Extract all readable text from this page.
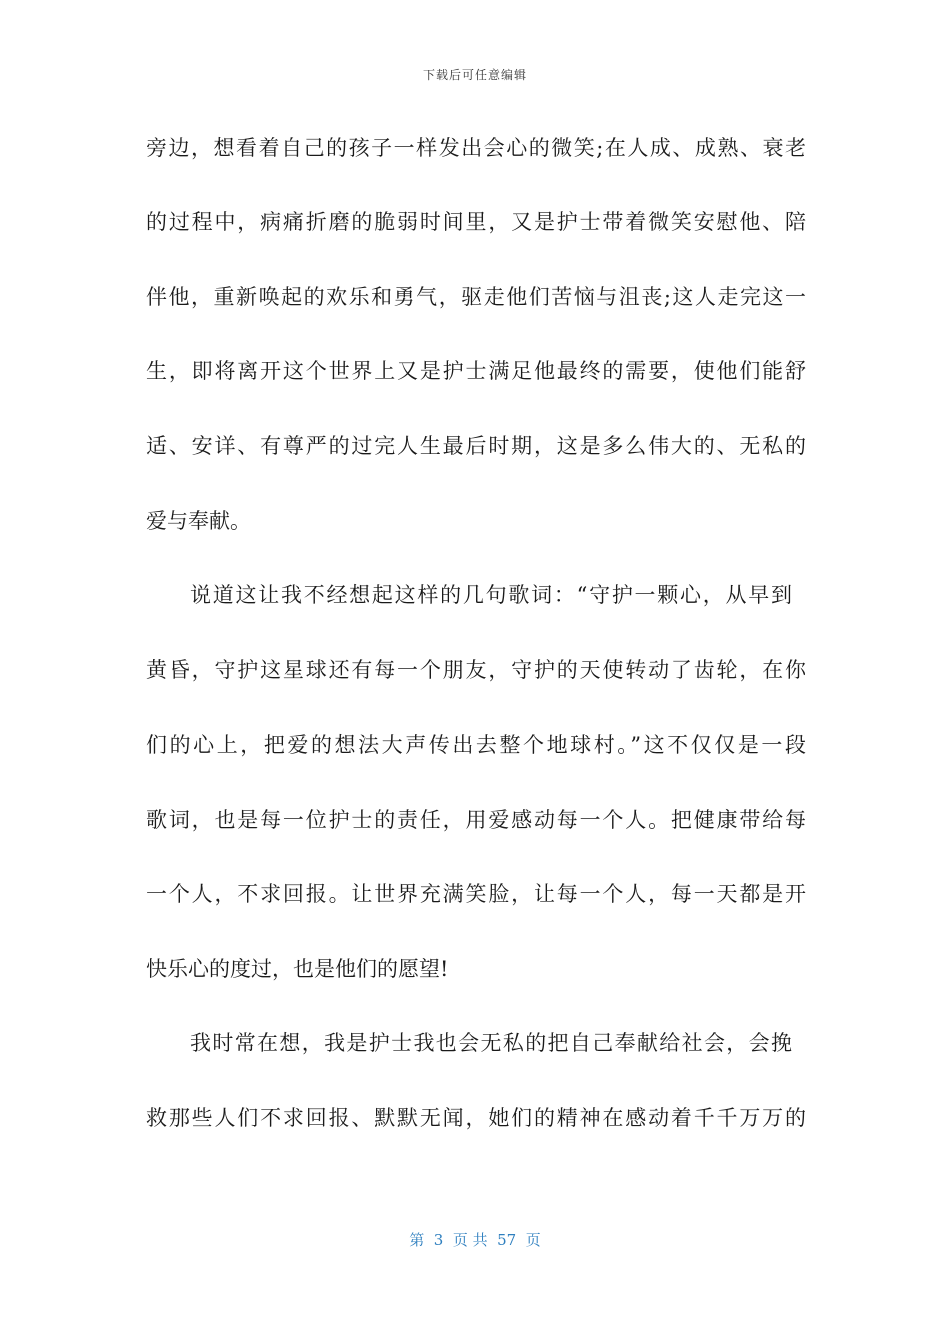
下载后可任意编辑
旁边，想看着自己的孩子一样发出会心的微笑;在人成、成熟、衰老
的过程中，病痛折磨的脆弱时间里，又是护士带着微笑安慰他、陪
伴他，重新唤起的欢乐和勇气，驱走他们苦恼与沮丧;这人走完这一
生，即将离开这个世界上又是护士满足他最终的需要，使他们能舒
适、安详、有尊严的过完人生最后时期，这是多么伟大的、无私的
爱与奉献。
说道这让我不经想起这样的几句歌词：“守护一颗心，从早到
黄昏，守护这星球还有每一个朋友，守护的天使转动了齿轮，在你
们的心上，把爱的想法大声传出去整个地球村。”这不仅仅是一段
歌词，也是每一位护士的责任，用爱感动每一个人。把健康带给每
一个人，不求回报。让世界充满笑脸，让每一个人，每一天都是开
快乐心的度过，也是他们的愿望!
我时常在想，我是护士我也会无私的把自己奉献给社会，会挽
救那些人们不求回报、默默无闻，她们的精神在感动着千千万万的
第  3  页 共  57  页
